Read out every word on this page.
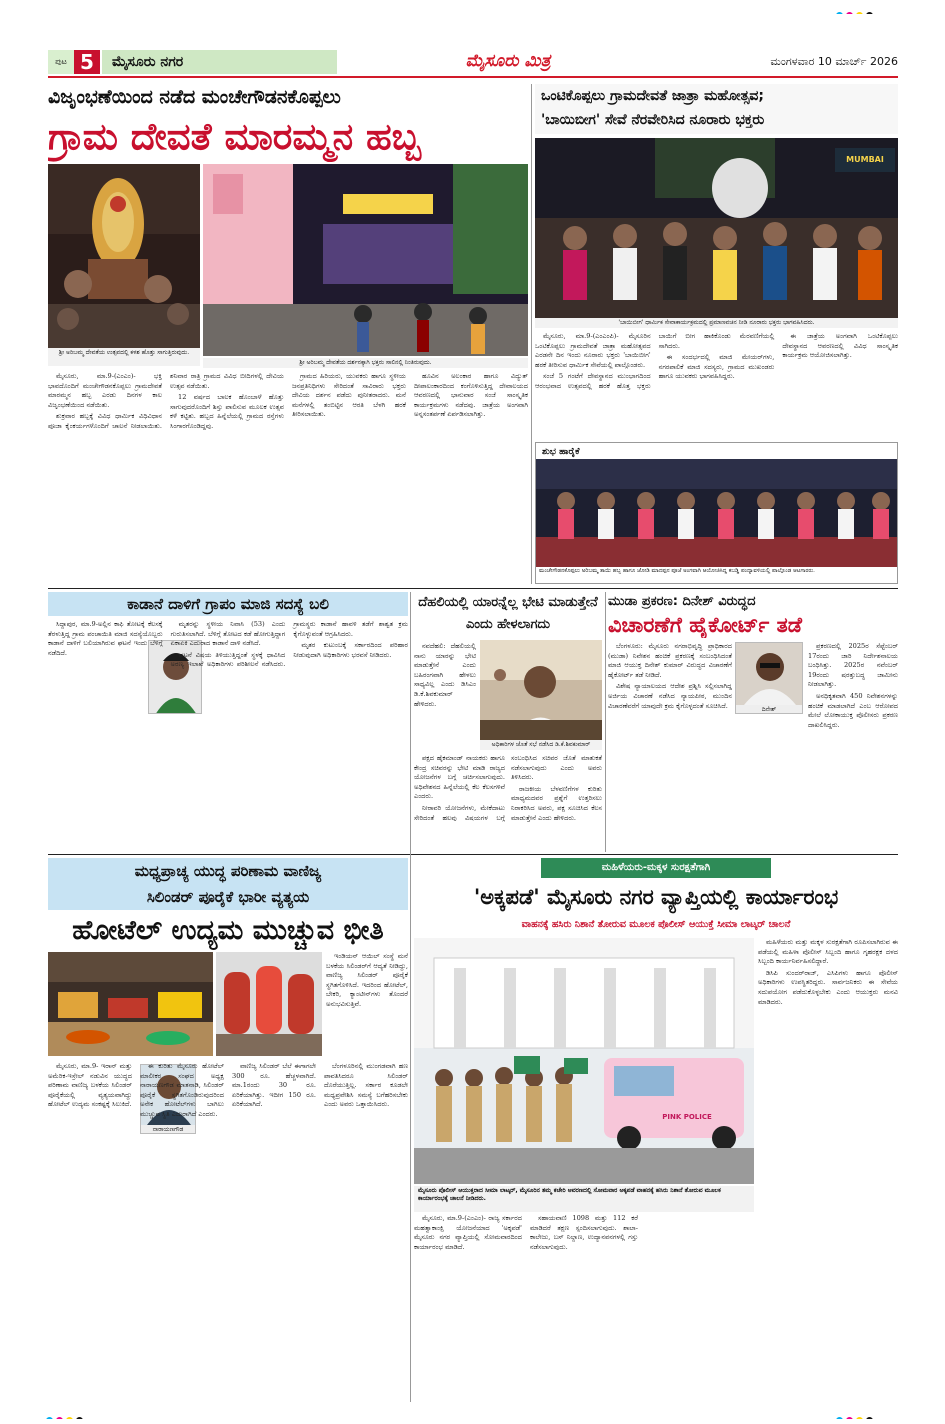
ಪುಟ 5	ಮೈಸೂರು ನಗರ	ಮೈಸೂರು ಮಿತ್ರ	ಮಂಗಳವಾರ 10 ಮಾರ್ಚ್ 2026
ವಿಜೃಂಭಣೆಯಿಂದ ನಡೆದ ಮಂಚೇಗೌಡನಕೊಪ್ಪಲು
ಗ್ರಾಮ ದೇವತೆ ಮಾರಮ್ಮನ ಹಬ್ಬ
ಶ್ರೀ ಅರಿಬಮ್ಮ ದೇವತೆಯ ಉತ್ಸವದಲ್ಲಿ ಕಳಶ ಹೊತ್ತು ಸಾಗುತ್ತಿರುವುದು.
ಶ್ರೀ ಅರಿಬಮ್ಮ ದೇವತೆಯ ದರ್ಶನಕ್ಕಾಗಿ ಭಕ್ತರು ಸಾಲಿನಲ್ಲಿ ನಿಂತಿರುವುದು.

ಮೈಸೂರು, ಮಾ.9-(ಎಂಎಂ)- ಭಕ್ತಿ ಭಾವದೊಂದಿಗೆ ಮಂಚೇಗೌಡನಕೊಪ್ಪಲು ಗ್ರಾಮದೇವತೆ ಮಾರಮ್ಮನ ಹಬ್ಬ ಎರಡು ದಿನಗಳ ಕಾಲ ವಿಜೃಂಭಣೆಯಿಂದ ನಡೆಯಿತು.

ಶುಕ್ರವಾರ ಹಬ್ಬಕ್ಕೆ ವಿವಿಧ ಧಾರ್ಮಿಕ ವಿಧಿವಿಧಾನ ಪೂಜಾ ಕೈಂಕರ್ಯಗಳೊಂದಿಗೆ ಚಾಲನೆ ನೀಡಲಾಯಿತು. ಶನಿವಾರ ರಾತ್ರಿ ಗ್ರಾಮದ ವಿವಿಧ ಬೀದಿಗಳಲ್ಲಿ ದೇವಿಯ ಉತ್ಸವ ನಡೆಯಿತು.

12 ವರ್ಷದ ಬಾಲಕ ಹೊಂಬಾಳೆ ಹೊತ್ತು ಸಾಗುವುದರೊಂದಿಗೆ ಶಿಸ್ತು ಪಾಲಿಸುವ ಮೂಲಕ ಉತ್ಸವ ಕಳೆ ಕಟ್ಟಿತು. ಹಬ್ಬದ ಹಿನ್ನೆಲೆಯಲ್ಲಿ ಗ್ರಾಮದ ರಸ್ತೆಗಳು ಸಿಂಗಾರಗೊಂಡಿದ್ದವು.

ಗ್ರಾಮದ ಹಿರಿಯರು, ಯುವಕರು ಹಾಗೂ ಸ್ಥಳೀಯ ಜನಪ್ರತಿನಿಧಿಗಳು ಸೇರಿದಂತೆ ಸಾವಿರಾರು ಭಕ್ತರು ದೇವಿಯ ದರ್ಶನ ಪಡೆದು ಪುನೀತರಾದರು. ಮನೆ ಮನೆಗಳಲ್ಲಿ ತಂಬಿಟ್ಟಿನ ಆರತಿ ಬೆಳಗಿ ಹರಕೆ ತೀರಿಸಲಾಯಿತು.

ಹೂವಿನ ಅಲಂಕಾರ ಹಾಗೂ ವಿದ್ಯುತ್ ದೀಪಾಲಂಕಾರದಿಂದ ಕಂಗೊಳಿಸುತ್ತಿದ್ದ ದೇವಾಲಯದ ಆವರಣದಲ್ಲಿ ಭಾನುವಾರ ಸಂಜೆ ಸಾಂಸ್ಕೃತಿಕ ಕಾರ್ಯಕ್ರಮಗಳು ನಡೆದವು. ಜಾತ್ರೆಯ ಅಂಗವಾಗಿ ಅನ್ನಸಂತರ್ಪಣೆ ಏರ್ಪಡಿಸಲಾಗಿತ್ತು.

ಒಂಟಿಕೊಪ್ಪಲು ಗ್ರಾಮದೇವತೆ ಜಾತ್ರಾ ಮಹೋತ್ಸವ;
'ಬಾಯಿಬೀಗ' ಸೇವೆ ನೆರವೇರಿಸಿದ ನೂರಾರು ಭಕ್ತರು
MUMBAI
'ಬಾಯಿಬೀಗ' ಧಾರ್ಮಿಕ ಸೇವಾಕಾರ್ಯಕ್ರಮದಲ್ಲಿ ಪ್ರಮಾಣವಚನ ನೀಡಿ ನೂರಾರು ಭಕ್ತರು ಭಾಗವಹಿಸಿದರು.

ಮೈಸೂರು, ಮಾ.9-(ಎಂಎಂಪಿ)- ಮೈಸೂರಿನ ಒಂಟಿಕೊಪ್ಪಲು ಗ್ರಾಮದೇವತೆ ಜಾತ್ರಾ ಮಹೋತ್ಸವದ ಎರಡನೇ ದಿನ ಇಂದು ನೂರಾರು ಭಕ್ತರು 'ಬಾಯಿಬೀಗ' ಹರಕೆ ತೀರಿಸುವ ಧಾರ್ಮಿಕ ಸೇವೆಯಲ್ಲಿ ಪಾಲ್ಗೊಂಡರು.

ಸಂಜೆ 5 ಗಂಟೆಗೆ ದೇವಸ್ಥಾನದ ಮುಂಭಾಗದಿಂದ ಆರಂಭವಾದ ಉತ್ಸವದಲ್ಲಿ ಹರಕೆ ಹೊತ್ತ ಭಕ್ತರು ಬಾಯಿಗೆ ಬೀಗ ಹಾಕಿಕೊಂಡು ಮೆರವಣಿಗೆಯಲ್ಲಿ ಸಾಗಿದರು.

ಈ ಸಂದರ್ಭದಲ್ಲಿ ಮಾಜಿ ಮೇಯರ್‌ಗಳು, ನಗರಪಾಲಿಕೆ ಮಾಜಿ ಸದಸ್ಯರು, ಗ್ರಾಮದ ಮುಖಂಡರು ಹಾಗೂ ಯುವಕರು ಭಾಗವಹಿಸಿದ್ದರು.

ಈ ಜಾತ್ರೆಯ ಅಂಗವಾಗಿ ಒಂಟಿಕೊಪ್ಪಲು ದೇವಸ್ಥಾನದ ಆವರಣದಲ್ಲಿ ವಿವಿಧ ಸಾಂಸ್ಕೃತಿಕ ಕಾರ್ಯಕ್ರಮ ಆಯೋಜಿಸಲಾಗಿತ್ತು.

ಶುಭ ಹಾರೈಕೆ
ಮಂಚೇಗೌಡನಕೊಪ್ಪಲು ಅರಿಬಮ್ಮ ತಾಯಿ ಹಬ್ಬ ಹಾಗೂ ಜೋಡಿ ಮಾದಪ್ಪನ ಪೂಜೆ ಅಂಗವಾಗಿ ಆಯೋಜಿಸಿದ್ದ ಕಬಡ್ಡಿ ಪಂದ್ಯಾವಳಿಯಲ್ಲಿ ಪಾಲ್ಗೊಂಡ ಆಟಗಾರರು.
ಕಾಡಾನೆ ದಾಳಿಗೆ ಗ್ರಾಪಂ ಮಾಜಿ ಸದಸ್ಯೆ ಬಲಿ

ಸಿದ್ದಾಪುರ, ಮಾ.9-ಅಲ್ಲಿನ ಕಾಫಿ ತೋಟಕ್ಕೆ ಕೆಲಸಕ್ಕೆ ತೆರಳುತ್ತಿದ್ದ ಗ್ರಾಮ ಪಂಚಾಯಿತಿ ಮಾಜಿ ಸದಸ್ಯೆಯೊಬ್ಬರು ಕಾಡಾನೆ ದಾಳಿಗೆ ಬಲಿಯಾಗಿರುವ ಘಟನೆ ಇಂದು ಬೆಳಿಗ್ಗೆ ನಡೆದಿದೆ.

ಮೃತರನ್ನು ಸ್ಥಳೀಯ ನಿವಾಸಿ (53) ಎಂದು ಗುರುತಿಸಲಾಗಿದೆ. ಬೆಳಿಗ್ಗೆ ತೋಟದ ಕಡೆ ಹೋಗುತ್ತಿದ್ದಾಗ ಏಕಾಏಕಿ ಎದುರಾದ ಕಾಡಾನೆ ದಾಳಿ ನಡೆಸಿದೆ.

ಘಟನೆ ವಿಷಯ ತಿಳಿಯುತ್ತಿದ್ದಂತೆ ಸ್ಥಳಕ್ಕೆ ಧಾವಿಸಿದ ಅರಣ್ಯ ಇಲಾಖೆ ಅಧಿಕಾರಿಗಳು ಪರಿಶೀಲನೆ ನಡೆಸಿದರು. ಗ್ರಾಮಸ್ಥರು ಕಾಡಾನೆ ಹಾವಳಿ ತಡೆಗೆ ಶಾಶ್ವತ ಕ್ರಮ ಕೈಗೊಳ್ಳುವಂತೆ ಆಗ್ರಹಿಸಿದರು.

ಮೃತರ ಕುಟುಂಬಕ್ಕೆ ಸರ್ಕಾರದಿಂದ ಪರಿಹಾರ ನೀಡುವುದಾಗಿ ಅಧಿಕಾರಿಗಳು ಭರವಸೆ ನೀಡಿದರು.

ದೆಹಲಿಯಲ್ಲಿ ಯಾರನ್ನೆಲ್ಲ ಭೇಟಿ ಮಾಡುತ್ತೇನೆ ಎಂದು ಹೇಳಲಾಗದು
ಅಧಿಕಾರಿಗಳ ಜೊತೆ ಸಭೆ ನಡೆಸಿದ ಡಿ.ಕೆ.ಶಿವಕುಮಾರ್

ನವದೆಹಲಿ: ದೆಹಲಿಯಲ್ಲಿ ನಾನು ಯಾರನ್ನು ಭೇಟಿ ಮಾಡುತ್ತೇನೆ ಎಂದು ಬಹಿರಂಗವಾಗಿ ಹೇಳಲು ಸಾಧ್ಯವಿಲ್ಲ ಎಂದು ಡಿಸಿಎಂ ಡಿ.ಕೆ.ಶಿವಕುಮಾರ್ ಹೇಳಿದರು.

ಪಕ್ಷದ ಹೈಕಮಾಂಡ್ ನಾಯಕರು ಹಾಗೂ ಕೇಂದ್ರ ಸಚಿವರನ್ನು ಭೇಟಿ ಮಾಡಿ ರಾಜ್ಯದ ಯೋಜನೆಗಳ ಬಗ್ಗೆ ಚರ್ಚಿಸಲಾಗುವುದು. ಅಧಿವೇಶನದ ಹಿನ್ನೆಲೆಯಲ್ಲಿ ಕೆಲ ಕೆಲಸಗಳಿವೆ ಎಂದರು.

ನೀರಾವರಿ ಯೋಜನೆಗಳು, ಮೇಕೆದಾಟು ಸೇರಿದಂತೆ ಹಲವು ವಿಷಯಗಳ ಬಗ್ಗೆ ಸಂಬಂಧಿಸಿದ ಸಚಿವರ ಜೊತೆ ಮಾತುಕತೆ ನಡೆಸಲಾಗುವುದು ಎಂದು ಅವರು ತಿಳಿಸಿದರು.

ರಾಜಕೀಯ ಬೆಳವಣಿಗೆಗಳ ಕುರಿತು ಮಾಧ್ಯಮದವರ ಪ್ರಶ್ನೆಗೆ ಉತ್ತರಿಸಲು ನಿರಾಕರಿಸಿದ ಅವರು, ಪಕ್ಷ ಸೂಚಿಸಿದ ಕೆಲಸ ಮಾಡುತ್ತೇನೆ ಎಂದು ಹೇಳಿದರು.

ಮುಡಾ ಪ್ರಕರಣ: ದಿನೇಶ್ ವಿರುದ್ಧದ
ವಿಚಾರಣೆಗೆ ಹೈಕೋರ್ಟ್ ತಡೆ
ದಿನೇಶ್

ಬೆಂಗಳೂರು: ಮೈಸೂರು ನಗರಾಭಿವೃದ್ಧಿ ಪ್ರಾಧಿಕಾರದ (ಮುಡಾ) ನಿವೇಶನ ಹಂಚಿಕೆ ಪ್ರಕರಣಕ್ಕೆ ಸಂಬಂಧಿಸಿದಂತೆ ಮಾಜಿ ಆಯುಕ್ತ ದಿನೇಶ್ ಕುಮಾರ್ ವಿರುದ್ಧದ ವಿಚಾರಣೆಗೆ ಹೈಕೋರ್ಟ್ ತಡೆ ನೀಡಿದೆ.

ವಿಶೇಷ ನ್ಯಾಯಾಲಯದ ಆದೇಶ ಪ್ರಶ್ನಿಸಿ ಸಲ್ಲಿಸಲಾಗಿದ್ದ ಅರ್ಜಿಯ ವಿಚಾರಣೆ ನಡೆಸಿದ ನ್ಯಾಯಪೀಠ, ಮುಂದಿನ ವಿಚಾರಣೆವರೆಗೆ ಯಾವುದೇ ಕ್ರಮ ಕೈಗೊಳ್ಳದಂತೆ ಸೂಚಿಸಿದೆ.

ಪ್ರಕರಣದಲ್ಲಿ 2025ರ ಸೆಪ್ಟೆಂಬರ್ 17ರಂದು ಜಾರಿ ನಿರ್ದೇಶನಾಲಯ ಬಂಧಿಸಿತ್ತು. 2025ರ ನವೆಂಬರ್ 19ರಂದು ಷರತ್ತುಬದ್ಧ ಜಾಮೀನು ನೀಡಲಾಗಿತ್ತು.

ಅನಧಿಕೃತವಾಗಿ 450 ನಿವೇಶನಗಳನ್ನು ಹಂಚಿಕೆ ಮಾಡಲಾಗಿದೆ ಎಂಬ ಆರೋಪದ ಮೇಲೆ ಲೋಕಾಯುಕ್ತ ಪೊಲೀಸರು ಪ್ರಕರಣ ದಾಖಲಿಸಿದ್ದರು.

ಮಧ್ಯಪ್ರಾಚ್ಯ ಯುದ್ಧ ಪರಿಣಾಮ ವಾಣಿಜ್ಯ
ಸಿಲಿಂಡರ್ ಪೂರೈಕೆ ಭಾರೀ ವ್ಯತ್ಯಯ
ಹೋಟೆಲ್ ಉದ್ಯಮ ಮುಚ್ಚುವ ಭೀತಿ

ಇಂಡಿಯನ್ ಆಯಿಲ್ ಸಂಸ್ಥೆ ಮನೆ ಬಳಕೆಯ ಸಿಲಿಂಡರ್‌ಗೆ ಆದ್ಯತೆ ನೀಡಿದ್ದು, ವಾಣಿಜ್ಯ ಸಿಲಿಂಡರ್ ಪೂರೈಕೆ ಸ್ಥಗಿತಗೊಳಿಸಿದೆ. ಇದರಿಂದ ಹೋಟೆಲ್, ಬೇಕರಿ, ಕ್ಯಾಂಟೀನ್‌ಗಳು ತೊಂದರೆ ಅನುಭವಿಸುತ್ತಿವೆ.

ನಾರಾಯಣಗೌಡ

ಮೈಸೂರು, ಮಾ.9- ಇರಾನ್ ಮತ್ತು ಅಮೆರಿಕ-ಇಸ್ರೇಲ್ ನಡುವಿನ ಯುದ್ಧದ ಪರಿಣಾಮ ವಾಣಿಜ್ಯ ಬಳಕೆಯ ಸಿಲಿಂಡರ್ ಪೂರೈಕೆಯಲ್ಲಿ ವ್ಯತ್ಯಯವಾಗಿದ್ದು ಹೋಟೆಲ್ ಉದ್ಯಮ ಸಂಕಷ್ಟಕ್ಕೆ ಸಿಲುಕಿದೆ.

ಈ ಕುರಿತು ಮೈಸೂರು ಹೋಟೆಲ್ ಮಾಲೀಕರ ಸಂಘದ ಅಧ್ಯಕ್ಷ ನಾರಾಯಣಗೌಡ ಮಾತನಾಡಿ, ಸಿಲಿಂಡರ್ ಪೂರೈಕೆ ಸ್ಥಗಿತಗೊಂಡಿರುವುದರಿಂದ ಅನೇಕ ಹೋಟೆಲ್‌ಗಳು ಬಾಗಿಲು ಮುಚ್ಚುವ ಸ್ಥಿತಿ ಎದುರಾಗಿದೆ ಎಂದರು.

ವಾಣಿಜ್ಯ ಸಿಲಿಂಡರ್ ಬೆಲೆ ಈಗಾಗಲೇ 300 ರೂ. ಹೆಚ್ಚಳವಾಗಿದೆ. ಮಾ.1ರಂದು 30 ರೂ. ಏರಿಕೆಯಾಗಿತ್ತು. ಇದೀಗ 150 ರೂ. ಏರಿಕೆಯಾಗಿದೆ.

ಬೆಂಗಳೂರಿನಲ್ಲಿ ಮುಂಗಡವಾಗಿ ಹಣ ಪಾವತಿಸಿದರೂ ಸಿಲಿಂಡರ್ ದೊರೆಯುತ್ತಿಲ್ಲ. ಸರ್ಕಾರ ಕೂಡಲೇ ಮಧ್ಯಪ್ರವೇಶಿಸಿ ಸಮಸ್ಯೆ ಬಗೆಹರಿಸಬೇಕು ಎಂದು ಅವರು ಒತ್ತಾಯಿಸಿದರು.

ಮಹಿಳೆಯರು-ಮಕ್ಕಳ ಸುರಕ್ಷತೆಗಾಗಿ
'ಅಕ್ಕಪಡೆ' ಮೈಸೂರು ನಗರ ವ್ಯಾಪ್ತಿಯಲ್ಲಿ ಕಾರ್ಯಾರಂಭ
ವಾಹನಕ್ಕೆ ಹಸಿರು ನಿಶಾನೆ ತೋರುವ ಮೂಲಕ ಪೊಲೀಸ್ ಆಯುಕ್ತೆ ಸೀಮಾ ಲಾಟ್ಕರ್ ಚಾಲನೆ
PINK POLICE
ಮೈಸೂರು ಪೊಲೀಸ್ ಆಯುಕ್ತರಾದ ಸೀಮಾ ಲಾಟ್ಕರ್, ಮೈಸೂರಿನ ತಮ್ಮ ಕಚೇರಿ ಆವರಣದಲ್ಲಿ ಸೋಮವಾರ ಅಕ್ಕಪಡೆ ವಾಹನಕ್ಕೆ ಹಸಿರು ನಿಶಾನೆ ತೋರುವ ಮೂಲಕ ಕಾರ್ಯಾರಂಭಕ್ಕೆ ಚಾಲನೆ ನೀಡಿದರು.

ಮಹಿಳೆಯರು ಮತ್ತು ಮಕ್ಕಳ ಸುರಕ್ಷತೆಗಾಗಿ ರೂಪಿಸಲಾಗಿರುವ ಈ ಪಡೆಯಲ್ಲಿ ಮಹಿಳಾ ಪೊಲೀಸ್ ಸಿಬ್ಬಂದಿ ಹಾಗೂ ಗೃಹರಕ್ಷಕ ದಳದ ಸಿಬ್ಬಂದಿ ಕಾರ್ಯನಿರ್ವಹಿಸಲಿದ್ದಾರೆ.

ಡಿಸಿಪಿ ಸುಂದರ್‌ರಾಜ್, ಎಸಿಪಿಗಳು ಹಾಗೂ ಪೊಲೀಸ್ ಅಧಿಕಾರಿಗಳು ಉಪಸ್ಥಿತರಿದ್ದರು. ಸಾರ್ವಜನಿಕರು ಈ ಸೇವೆಯ ಸದುಪಯೋಗ ಪಡೆದುಕೊಳ್ಳಬೇಕು ಎಂದು ಆಯುಕ್ತರು ಮನವಿ ಮಾಡಿದರು.

ಮೈಸೂರು, ಮಾ.9-(ಎಂಎಂ)- ರಾಜ್ಯ ಸರ್ಕಾರದ ಮಹತ್ವಾಕಾಂಕ್ಷಿ ಯೋಜನೆಯಾದ 'ಅಕ್ಕಪಡೆ' ಮೈಸೂರು ನಗರ ವ್ಯಾಪ್ತಿಯಲ್ಲಿ ಸೋಮವಾರದಿಂದ ಕಾರ್ಯಾರಂಭ ಮಾಡಿದೆ.

ಸಹಾಯವಾಣಿ 1098 ಮತ್ತು 112 ಕರೆ ಮಾಡಿದರೆ ತಕ್ಷಣ ಸ್ಪಂದಿಸಲಾಗುವುದು. ಶಾಲಾ-ಕಾಲೇಜು, ಬಸ್ ನಿಲ್ದಾಣ, ಉದ್ಯಾನವನಗಳಲ್ಲಿ ಗಸ್ತು ನಡೆಸಲಾಗುವುದು.
